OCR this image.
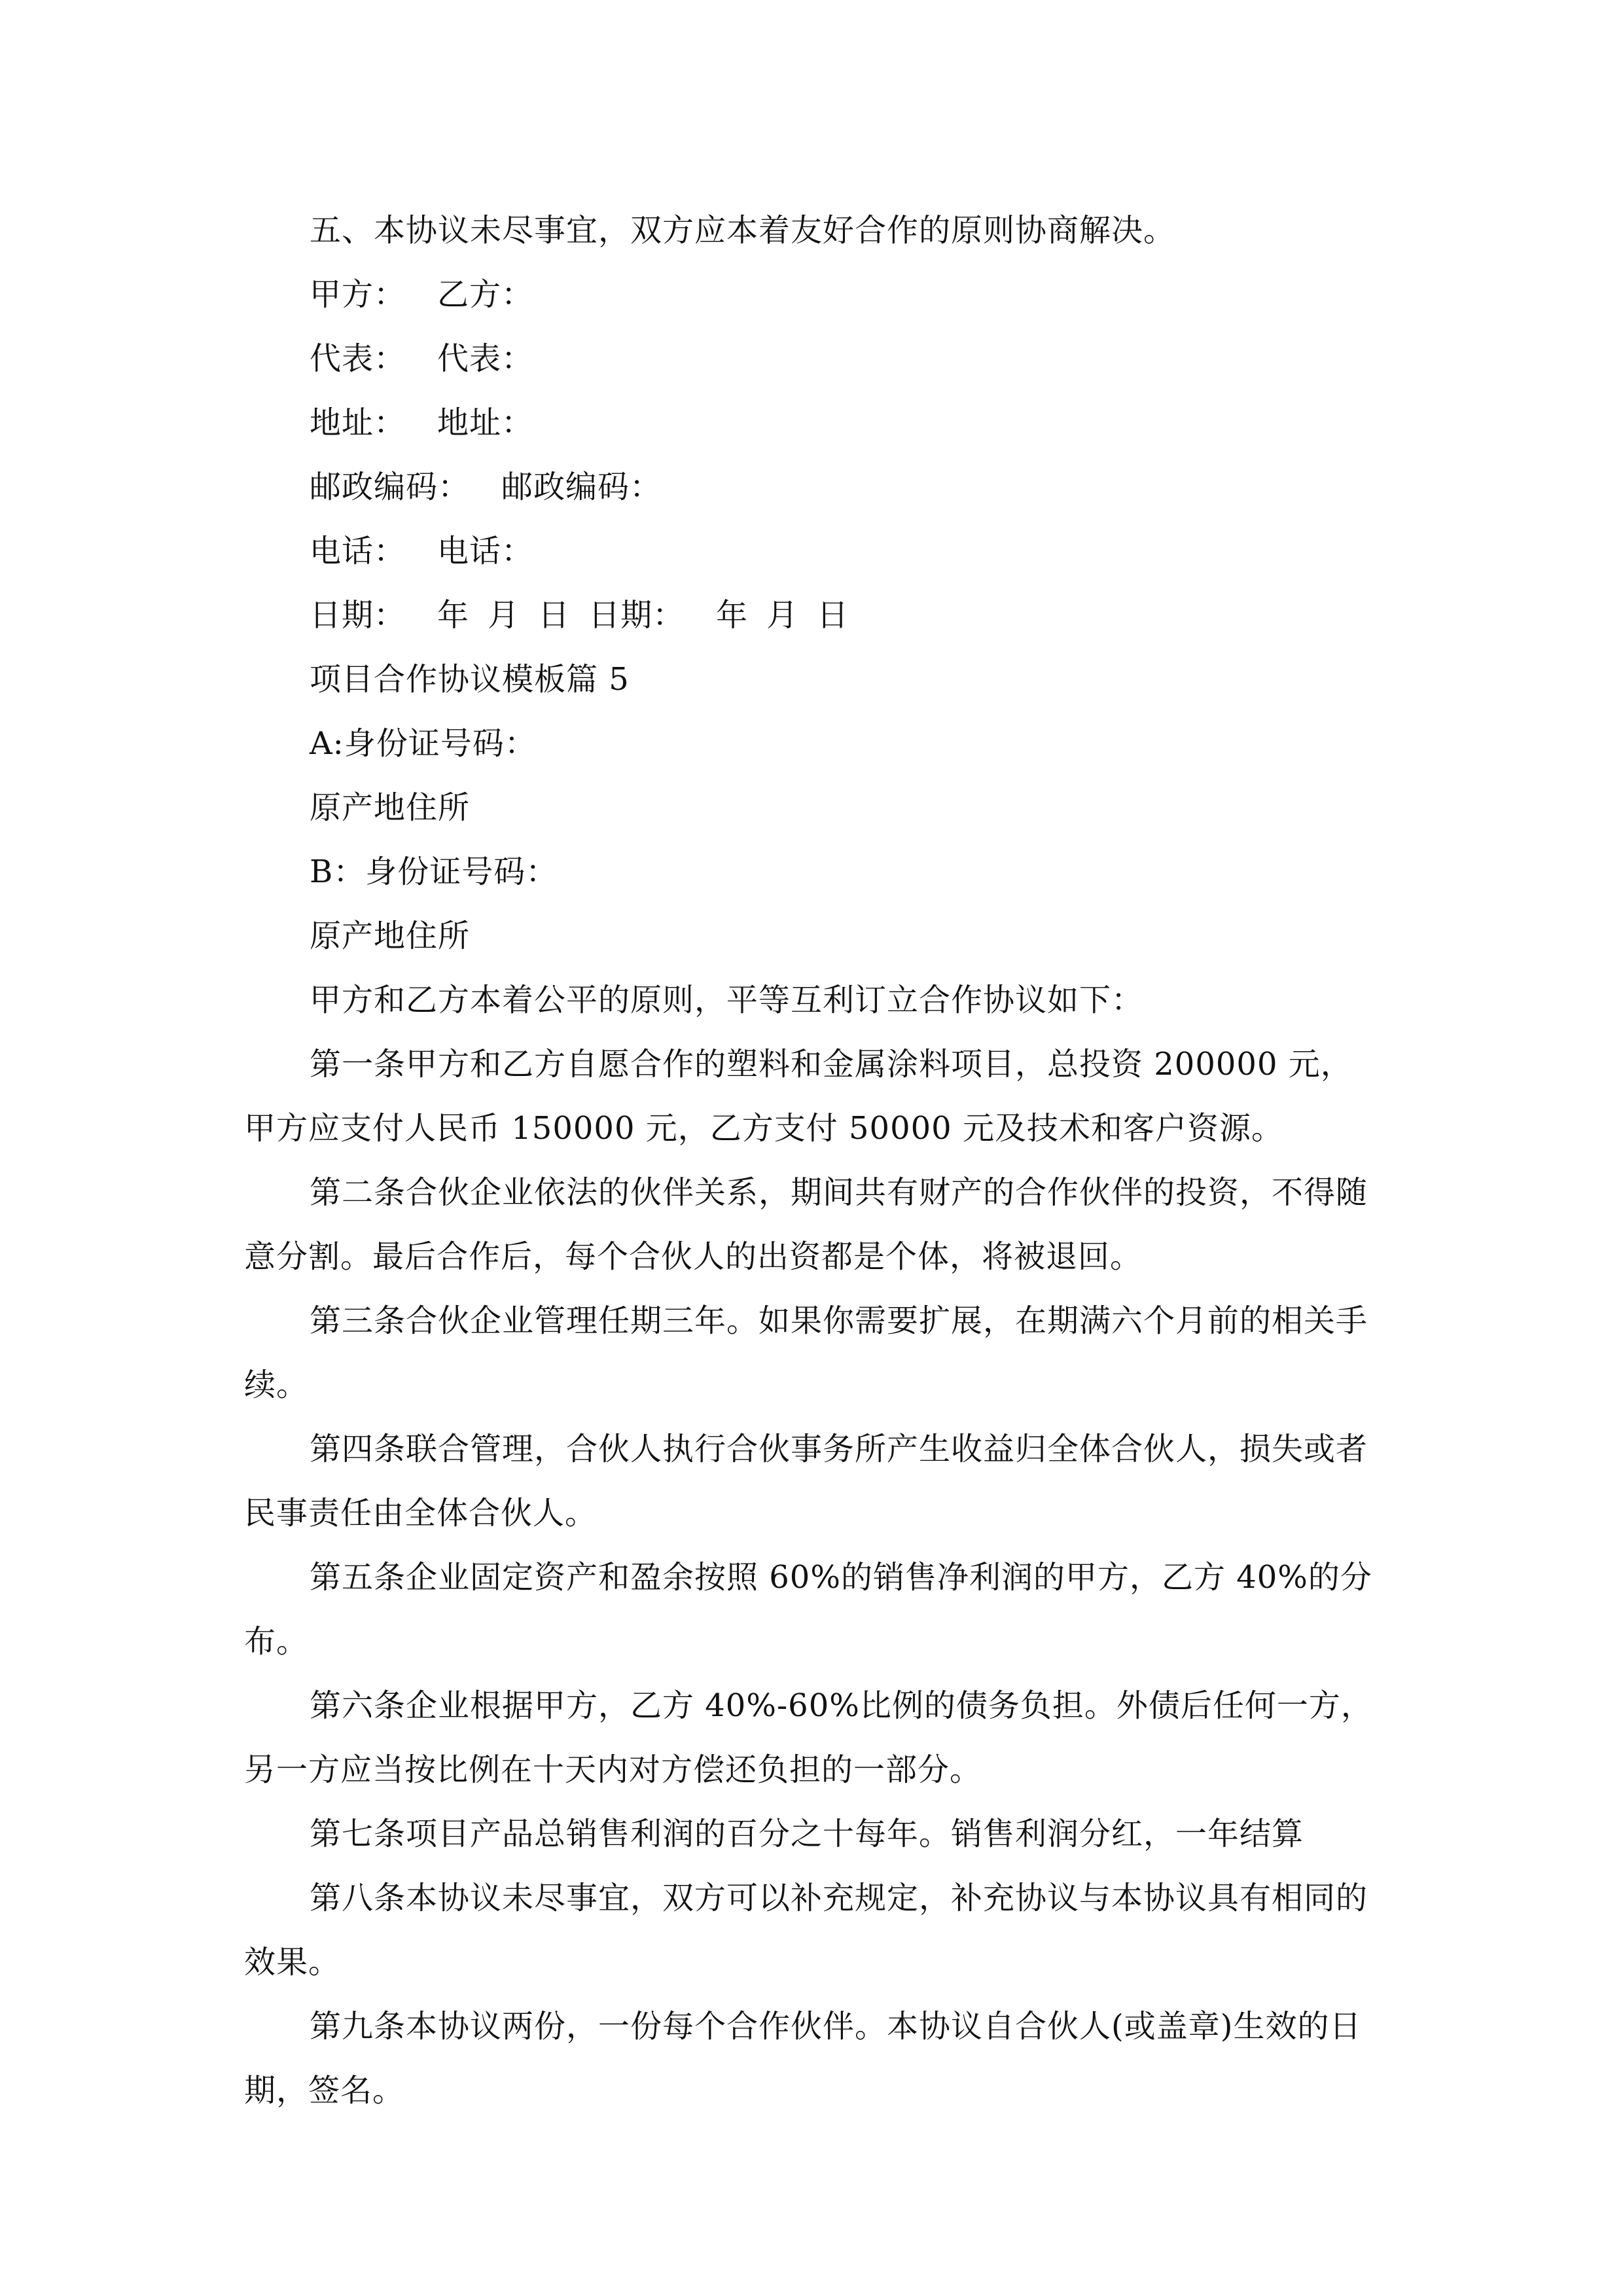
五、本协议未尽事宜，双方应本着友好合作的原则协商解决。
甲方： 乙方：
代表： 代表：
地址： 地址：
邮政编码： 邮政编码：
电话： 电话：
日期： 年 月 日 日期： 年 月 日
项目合作协议模板篇 5
A:身份证号码：
原产地住所
B：身份证号码：
原产地住所
甲方和乙方本着公平的原则，平等互利订立合作协议如下：
第一条甲方和乙方自愿合作的塑料和金属涂料项目，总投资 200000 元，甲方应支付人民币 150000 元，乙方支付 50000 元及技术和客户资源。
第二条合伙企业依法的伙伴关系，期间共有财产的合作伙伴的投资，不得随意分割。最后合作后，每个合伙人的出资都是个体，将被退回。
第三条合伙企业管理任期三年。如果你需要扩展，在期满六个月前的相关手续。
第四条联合管理，合伙人执行合伙事务所产生收益归全体合伙人，损失或者民事责任由全体合伙人。
第五条企业固定资产和盈余按照 60%的销售净利润的甲方，乙方 40%的分布。
第六条企业根据甲方，乙方 40%-60%比例的债务负担。外债后任何一方，另一方应当按比例在十天内对方偿还负担的一部分。
第七条项目产品总销售利润的百分之十每年。销售利润分红，一年结算
第八条本协议未尽事宜，双方可以补充规定，补充协议与本协议具有相同的效果。
第九条本协议两份，一份每个合作伙伴。本协议自合伙人(或盖章)生效的日期，签名。
